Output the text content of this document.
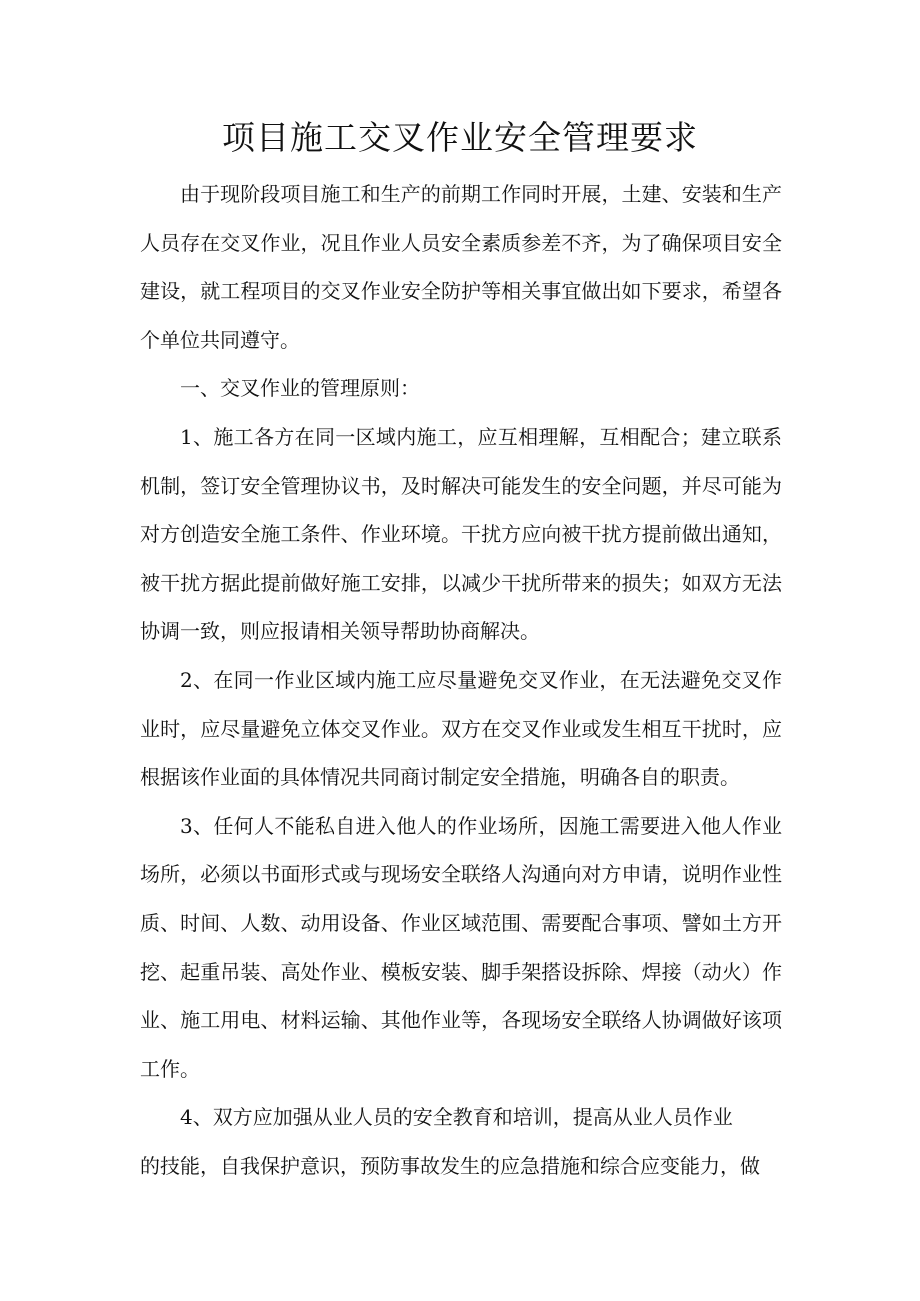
项目施工交叉作业安全管理要求

由于现阶段项目施工和生产的前期工作同时开展，土建、安装和生产人员存在交叉作业，况且作业人员安全素质参差不齐，为了确保项目安全建设，就工程项目的交叉作业安全防护等相关事宜做出如下要求，希望各个单位共同遵守。

一、交叉作业的管理原则：

1、施工各方在同一区域内施工，应互相理解，互相配合；建立联系机制，签订安全管理协议书，及时解决可能发生的安全问题，并尽可能为对方创造安全施工条件、作业环境。干扰方应向被干扰方提前做出通知，被干扰方据此提前做好施工安排，以减少干扰所带来的损失；如双方无法协调一致，则应报请相关领导帮助协商解决。

2、在同一作业区域内施工应尽量避免交叉作业，在无法避免交叉作业时，应尽量避免立体交叉作业。双方在交叉作业或发生相互干扰时，应根据该作业面的具体情况共同商讨制定安全措施，明确各自的职责。

3、任何人不能私自进入他人的作业场所，因施工需要进入他人作业场所，必须以书面形式或与现场安全联络人沟通向对方申请，说明作业性质、时间、人数、动用设备、作业区域范围、需要配合事项、譬如土方开挖、起重吊装、高处作业、模板安装、脚手架搭设拆除、焊接（动火）作业、施工用电、材料运输、其他作业等，各现场安全联络人协调做好该项工作。

4、双方应加强从业人员的安全教育和培训，提高从业人员作业

的技能，自我保护意识，预防事故发生的应急措施和综合应变能力，做
